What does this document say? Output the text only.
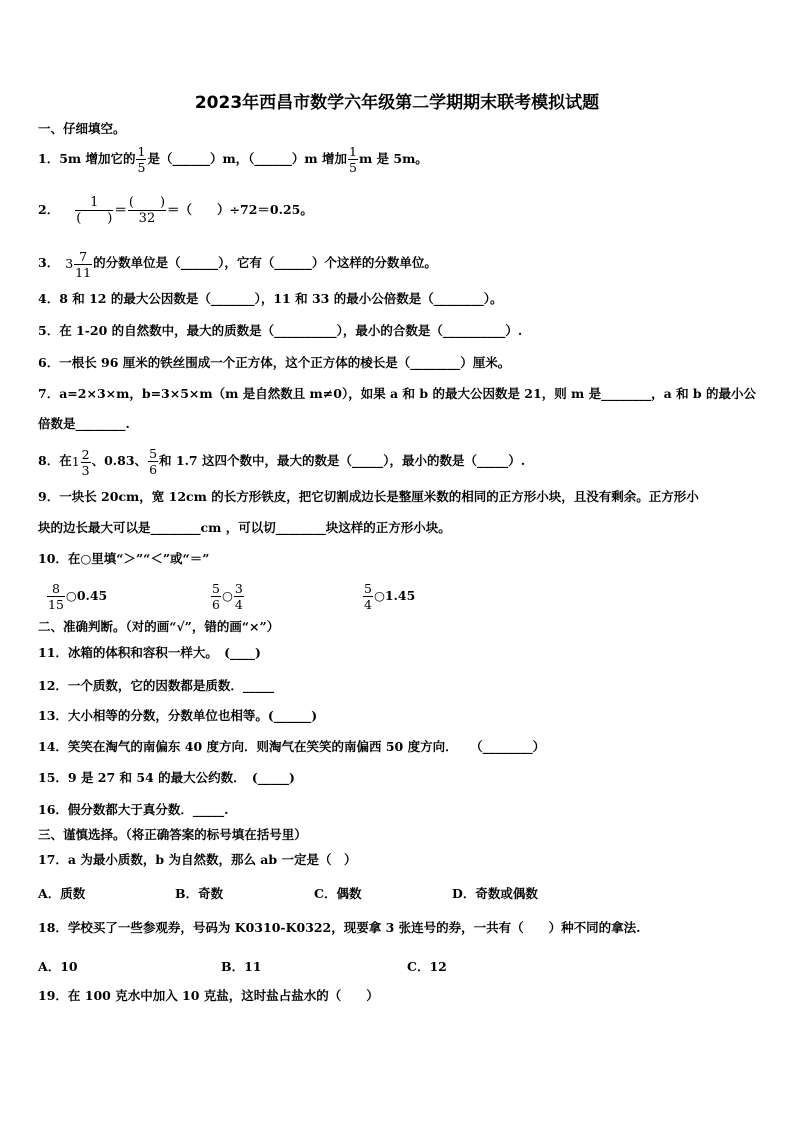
2023年西昌市数学六年级第二学期期末联考模拟试题
一、仔细填空。
1．5m 增加它的 $\frac{1}{5}$ 是（______）m，（______）m 增加 $\frac{1}{5}$ m 是 5m。
2． $\frac{1}{( )} = \frac{( )}{32}$ ＝（　　）÷72＝0.25。
3． $3 \frac{7}{11}$ 的分数单位是（______），它有（______）个这样的分数单位。
4．8 和 12 的最大公因数是（_______），11 和 33 的最小公倍数是（________）。
5．在 1-20 的自然数中，最大的质数是（__________），最小的合数是（__________）.
6．一根长 96 厘米的铁丝围成一个正方体，这个正方体的棱长是（________）厘米。
7．a=2×3×m，b=3×5×m（m 是自然数且 m≠0），如果 a 和 b 的最大公因数是 21，则 m 是________，a 和 b 的最小公
倍数是________.
8．在$1 \frac{2}{3}$ 、0.83、 $\frac{5}{6}$ 和 1.7 这四个数中，最大的数是（_____），最小的数是（_____）.
9．一块长 20cm，宽 12cm 的长方形铁皮，把它切割成边长是整厘米数的相同的正方形小块，且没有剩余。正方形小
块的边长最大可以是________cm ，可以切________块这样的正方形小块。
10．在○里填“＞”“＜”或“＝”
$\frac{8}{15}$ ○0.45	$\frac{5}{6}$ ○ $\frac{3}{4}$	$\frac{5}{4}$ ○1.45
二、准确判断。（对的画“√”，错的画“×”）
11．冰箱的体积和容积一样大。　(____)
12．一个质数，它的因数都是质数．_____
13．大小相等的分数，分数单位也相等。(______)
14．笑笑在淘气的南偏东 40 度方向．则淘气在笑笑的南偏西 50 度方向．　　（________）
15．9 是 27 和 54 的最大公约数．　(_____)
16．假分数都大于真分数．_____.
三、谨慎选择。（将正确答案的标号填在括号里）
17．a 为最小质数，b 为自然数，那么 ab 一定是（　）
A．质数	B．奇数	C．偶数	D．奇数或偶数
18．学校买了一些参观券，号码为 K0310-K0322，现要拿 3 张连号的券，一共有（　　）种不同的拿法.
A．10	B．11	C．12
19．在 100 克水中加入 10 克盐，这时盐占盐水的（　　）
